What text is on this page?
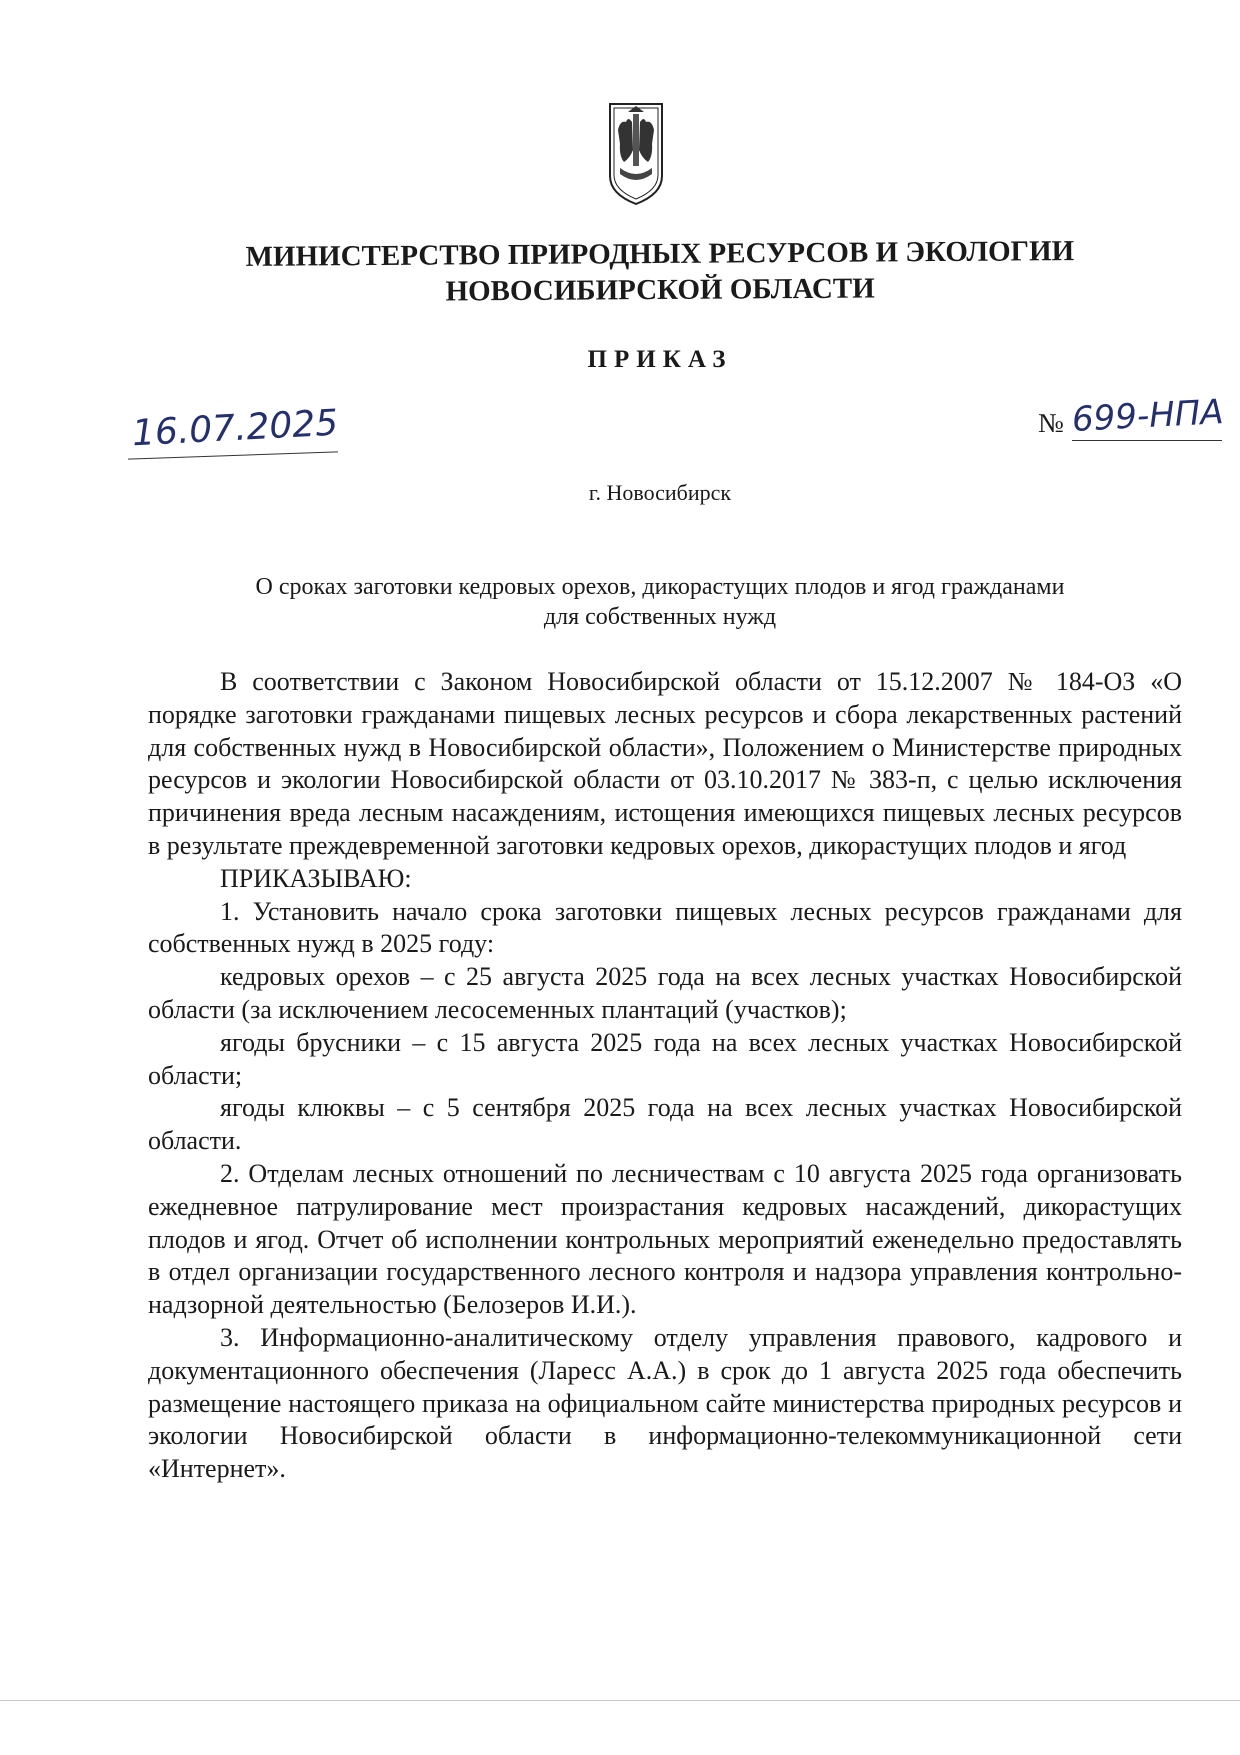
МИНИСТЕРСТВО ПРИРОДНЫХ РЕСУРСОВ И ЭКОЛОГИИ
НОВОСИБИРСКОЙ ОБЛАСТИ
ПРИКАЗ
16.07.2025	№ 699-НПА
г. Новосибирск
О сроках заготовки кедровых орехов, дикорастущих плодов и ягод гражданами
для собственных нужд

В соответствии с Законом Новосибирской области от 15.12.2007 № 184-ОЗ «О порядке заготовки гражданами пищевых лесных ресурсов и сбора лекарственных растений для собственных нужд в Новосибирской области», Положением о Министерстве природных ресурсов и экологии Новосибирской области от 03.10.2017 № 383-п, с целью исключения причинения вреда лесным насаждениям, истощения имеющихся пищевых лесных ресурсов в результате преждевременной заготовки кедровых орехов, дикорастущих плодов и ягод

ПРИКАЗЫВАЮ:

1. Установить начало срока заготовки пищевых лесных ресурсов гражданами для собственных нужд в 2025 году:

кедровых орехов – с 25 августа 2025 года на всех лесных участках Новосибирской области (за исключением лесосеменных плантаций (участков);

ягоды брусники – с 15 августа 2025 года на всех лесных участках Новосибирской области;

ягоды клюквы – с 5 сентября 2025 года на всех лесных участках Новосибирской области.

2. Отделам лесных отношений по лесничествам с 10 августа 2025 года организовать ежедневное патрулирование мест произрастания кедровых насаждений, дикорастущих плодов и ягод. Отчет об исполнении контрольных мероприятий еженедельно предоставлять в отдел организации государственного лесного контроля и надзора управления контрольно-надзорной деятельностью (Белозеров И.И.).

3. Информационно-аналитическому отделу управления правового, кадрового и документационного обеспечения (Ларесс А.А.) в срок до 1 августа 2025 года обеспечить размещение настоящего приказа на официальном сайте министерства природных ресурсов и экологии Новосибирской области в информационно-телекоммуникационной сети «Интернет».
